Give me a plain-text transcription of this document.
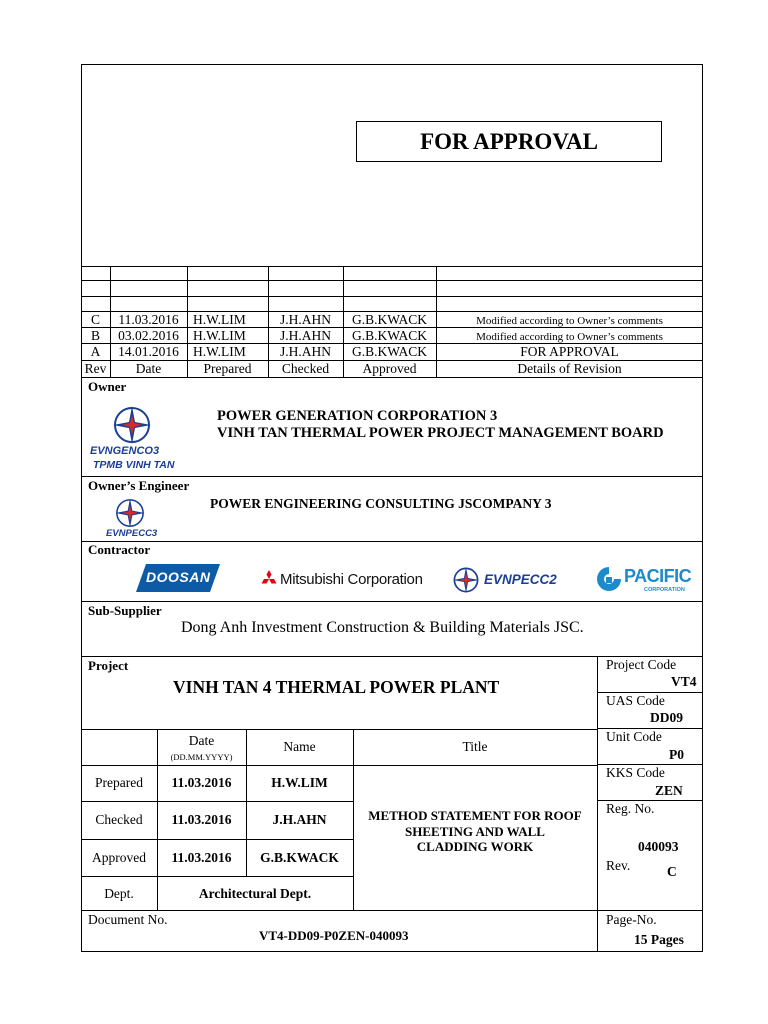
FOR APPROVAL
C	11.03.2016	H.W.LIM	J.H.AHN	G.B.KWACK	Modified according to Owner’s comments
B	03.02.2016	H.W.LIM	J.H.AHN	G.B.KWACK	Modified according to Owner’s comments
A	14.01.2016	H.W.LIM	J.H.AHN	G.B.KWACK	FOR APPROVAL
Rev	Date	Prepared	Checked	Approved	Details of Revision
Owner
EVNGENCO3
TPMB VINH TAN
POWER GENERATION CORPORATION 3
VINH TAN THERMAL POWER PROJECT MANAGEMENT BOARD
Owner’s Engineer
EVNPECC3
POWER ENGINEERING CONSULTING JSCOMPANY 3
Contractor
DOOSAN	Mitsubishi Corporation	EVNPECC2	PACIFIC
CORPORATION
Sub-Supplier
Dong Anh Investment Construction & Building Materials JSC.
Project
VINH TAN 4 THERMAL POWER PLANT
Project Code
VT4
UAS Code
DD09
Unit Code
P0
KKS Code
ZEN
Reg. No.
040093
Rev.	C
Page-No.
15 Pages
Date
(DD.MM.YYYY)
Name	Title
Prepared	11.03.2016	H.W.LIM
Checked	11.03.2016	J.H.AHN
Approved	11.03.2016	G.B.KWACK
Dept.	Architectural Dept.
METHOD STATEMENT FOR ROOF
SHEETING AND WALL
CLADDING WORK
Document No.
VT4-DD09-P0ZEN-040093
